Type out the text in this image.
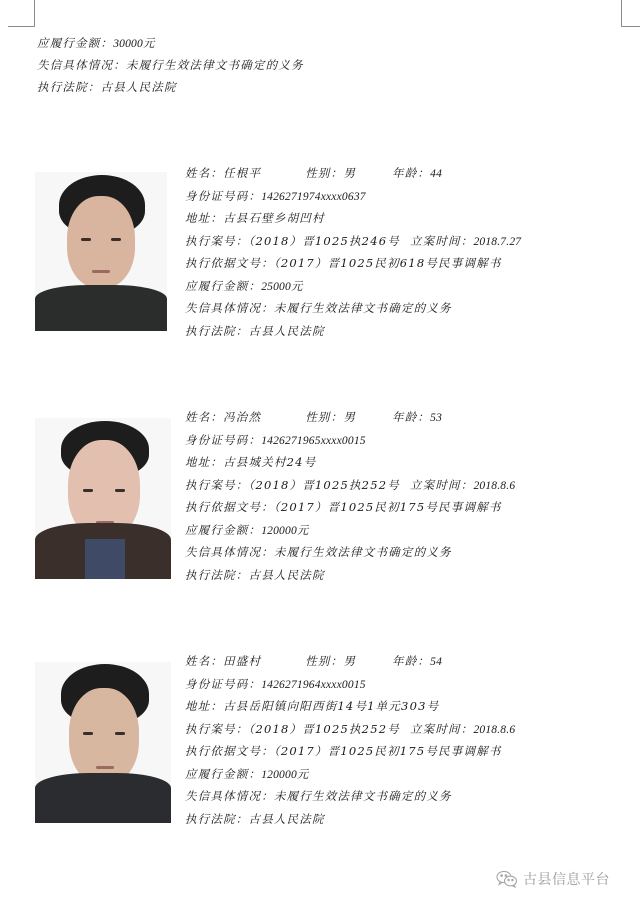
应履行金额：30000元
失信具体情况：未履行生效法律文书确定的义务
执行法院：古县人民法院
姓名：任根平	性别：男	年龄：44
身份证号码：1426271974xxxx0637
地址：古县石壁乡胡凹村
执行案号：（2018）晋1025执246号 立案时间：2018.7.27
执行依据文号：（2017）晋1025民初618号民事调解书
应履行金额：25000元
失信具体情况：未履行生效法律文书确定的义务
执行法院：古县人民法院
姓名：冯治然	性别：男	年龄：53
身份证号码：1426271965xxxx0015
地址：古县城关村24号
执行案号：（2018）晋1025执252号 立案时间：2018.8.6
执行依据文号：（2017）晋1025民初175号民事调解书
应履行金额：120000元
失信具体情况：未履行生效法律文书确定的义务
执行法院：古县人民法院
姓名：田盛村	性别：男	年龄：54
身份证号码：1426271964xxxx0015
地址：古县岳阳镇向阳西街14号1单元303号
执行案号：（2018）晋1025执252号 立案时间：2018.8.6
执行依据文号：（2017）晋1025民初175号民事调解书
应履行金额：120000元
失信具体情况：未履行生效法律文书确定的义务
执行法院：古县人民法院
古县信息平台
